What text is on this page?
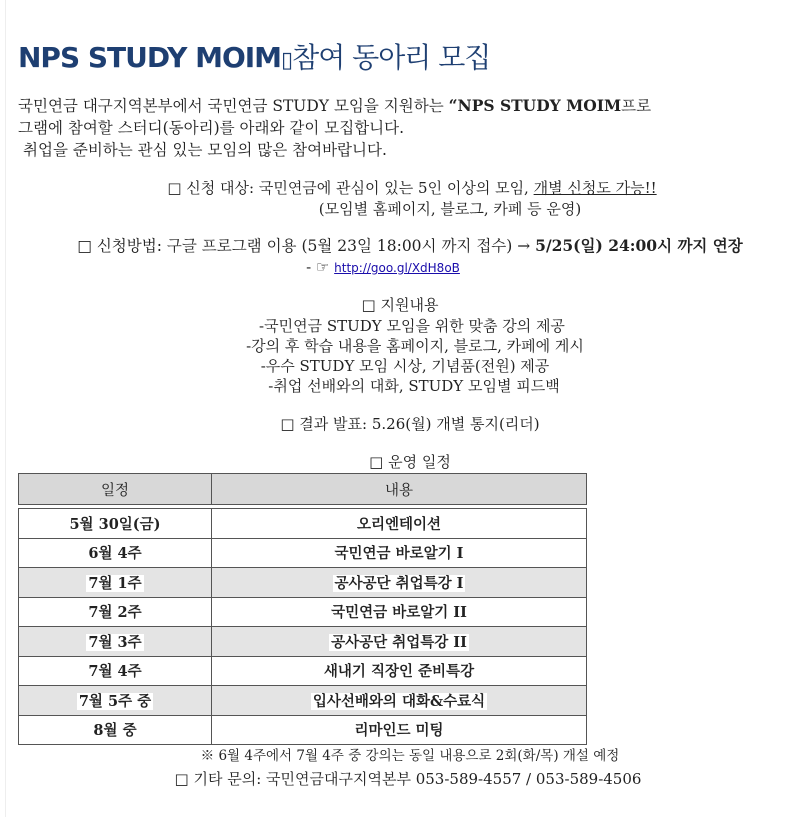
NPS STUDY MOIM▯참여 동아리 모집
국민연금 대구지역본부에서 국민연금 STUDY 모임을 지원하는 “NPS STUDY MOIM프로
그램에 참여할 스터디(동아리)를 아래와 같이 모집합니다.
취업을 준비하는 관심 있는 모임의 많은 참여바랍니다.
□ 신청 대상: 국민연금에 관심이 있는 5인 이상의 모임, 개별 신청도 가능!!
(모임별 홈페이지, 블로그, 카페 등 운영)
□ 신청방법: 구글 프로그램 이용 (5월 23일 18:00시 까지 접수) → 5/25(일) 24:00시 까지 연장
- ☞ http://goo.gl/XdH8oB
□ 지원내용
-국민연금 STUDY 모임을 위한 맞춤 강의 제공
-강의 후 학습 내용을 홈페이지, 블로그, 카페에 게시
-우수 STUDY 모임 시상, 기념품(전원) 제공
-취업 선배와의 대화, STUDY 모임별 피드백
□ 결과 발표: 5.26(월) 개별 통지(리더)
□ 운영 일정
일정	내용

5월 30일(금)	오리엔테이션
6월 4주	국민연금 바로알기 I
7월 1주	공사공단 취업특강 I
7월 2주	국민연금 바로알기 II
7월 3주	공사공단 취업특강 II
7월 4주	새내기 직장인 준비특강
7월 5주 중	입사선배와의 대화&수료식
8월 중	리마인드 미팅
※ 6월 4주에서 7월 4주 중 강의는 동일 내용으로 2회(화/목) 개설 예정
□ 기타 문의: 국민연금대구지역본부 053-589-4557 / 053-589-4506
